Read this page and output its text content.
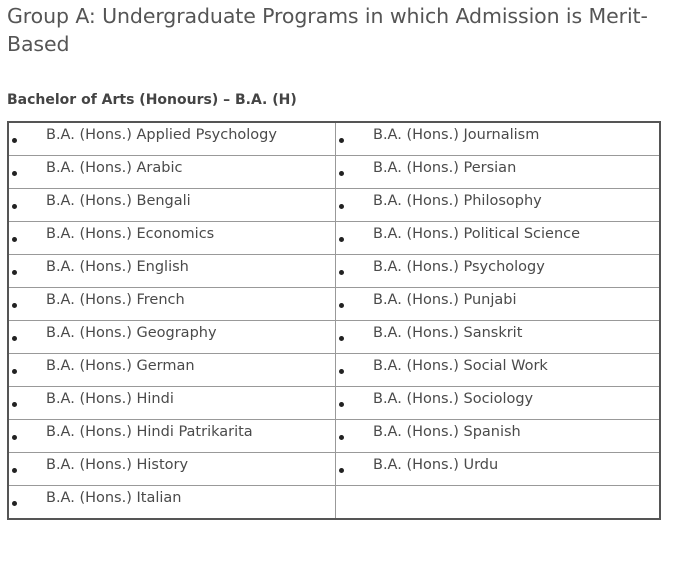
Group A: Undergraduate Programs in which Admission is Merit-Based
Bachelor of Arts (Honours) – B.A. (H)
B.A. (Hons.) Applied Psychology	B.A. (Hons.) Journalism

B.A. (Hons.) Arabic	B.A. (Hons.) Persian

B.A. (Hons.) Bengali	B.A. (Hons.) Philosophy

B.A. (Hons.) Economics	B.A. (Hons.) Political Science

B.A. (Hons.) English	B.A. (Hons.) Psychology

B.A. (Hons.) French	B.A. (Hons.) Punjabi

B.A. (Hons.) Geography	B.A. (Hons.) Sanskrit

B.A. (Hons.) German	B.A. (Hons.) Social Work

B.A. (Hons.) Hindi	B.A. (Hons.) Sociology

B.A. (Hons.) Hindi Patrikarita	B.A. (Hons.) Spanish

B.A. (Hons.) History	B.A. (Hons.) Urdu

B.A. (Hons.) Italian	
